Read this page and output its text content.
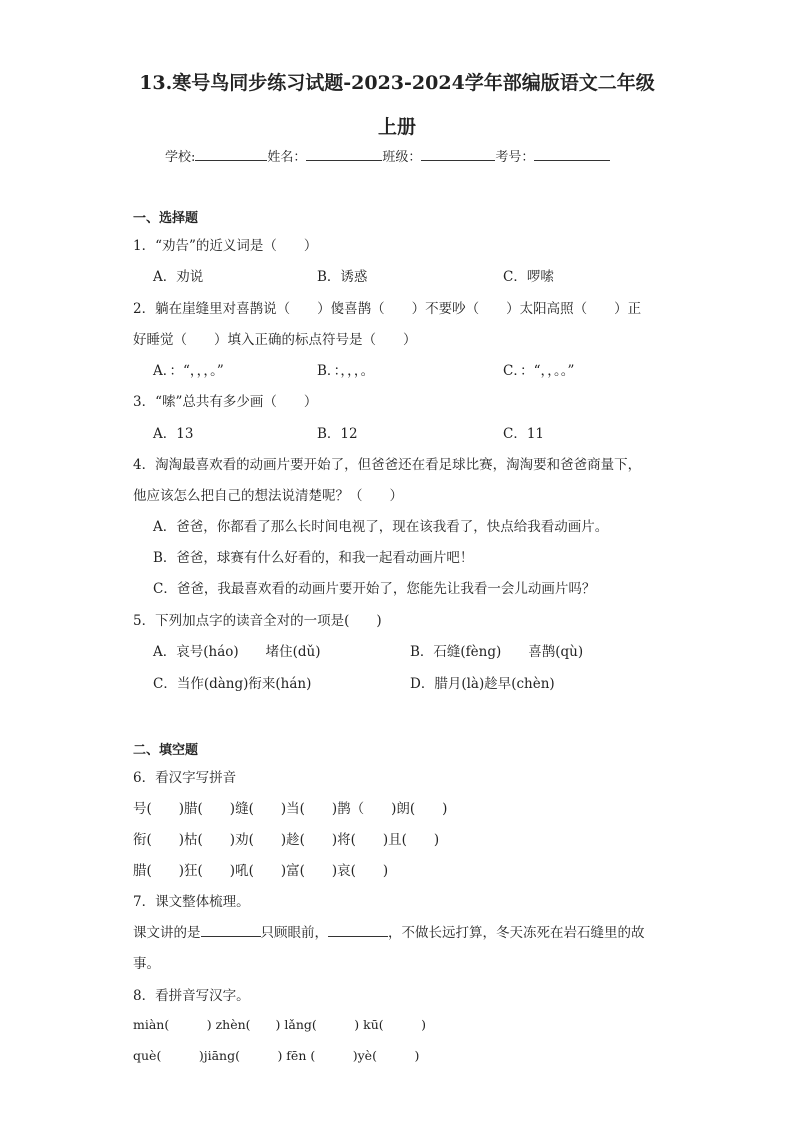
13.寒号鸟同步练习试题-2023-2024学年部编版语文二年级
上册
学校:	姓名：	班级：	考号：
一、选择题
1．“劝告”的近义词是（　　）
A．劝说	B．诱惑	C．啰嗦
2．躺在崖缝里对喜鹊说（　　）傻喜鹊（　　）不要吵（　　）太阳高照（　　）正
好睡觉（　　）填入正确的标点符号是（　　）
A．：“，，，。”	B．：，，，。	C．：“，，。。”
3．“嗦”总共有多少画（　　）
A．13	B．12	C．11
4．淘淘最喜欢看的动画片要开始了，但爸爸还在看足球比赛，淘淘要和爸爸商量下，
他应该怎么把自己的想法说清楚呢？（　　）
A．爸爸，你都看了那么长时间电视了，现在该我看了，快点给我看动画片。
B．爸爸，球赛有什么好看的，和我一起看动画片吧！
C．爸爸，我最喜欢看的动画片要开始了，您能先让我看一会儿动画片吗？
5．下列加点字的读音全对的一项是(　　)
A．哀号(háo)　　堵住(dǔ)	B．石缝(fèng)　　喜鹊(qù)
C．当作(dàng)衔来(hán)	D．腊月(là)趁早(chèn)
二、填空题
6．看汉字写拼音
号(　　)腊(　　)缝(　　)当(　　)鹊（　　)朗(　　)
衔(　　)枯(　　)劝(　　)趁(　　)将(　　)且(　　)
腊(　　)狂(　　)吼(　　)富(　　)哀(　　)
7．课文整体梳理。
课文讲的是	只顾眼前，	，不做长远打算，冬天冻死在岩石缝里的故
事。
8．看拼音写汉字。
miàn(　　　) zhèn(　　) lǎng(　　　) kū(　　　)
què(　　　)jiāng(　　　) fēn (　　　)yè(　　　)
